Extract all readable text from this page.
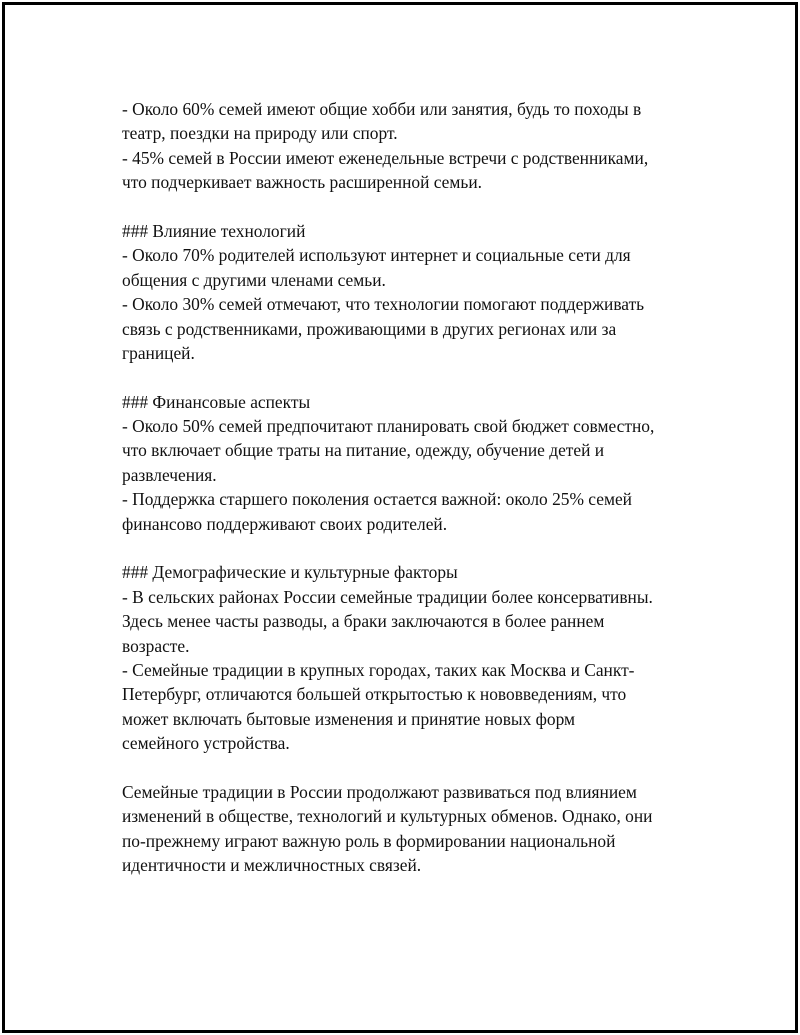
- Около 60% семей имеют общие хобби или занятия, будь то походы в
театр, поездки на природу или спорт.
- 45% семей в России имеют еженедельные встречи с родственниками,
что подчеркивает важность расширенной семьи.
### Влияние технологий
- Около 70% родителей используют интернет и социальные сети для
общения с другими членами семьи.
- Около 30% семей отмечают, что технологии помогают поддерживать
связь с родственниками, проживающими в других регионах или за
границей.
### Финансовые аспекты
- Около 50% семей предпочитают планировать свой бюджет совместно,
что включает общие траты на питание, одежду, обучение детей и
развлечения.
- Поддержка старшего поколения остается важной: около 25% семей
финансово поддерживают своих родителей.
### Демографические и культурные факторы
- В сельских районах России семейные традиции более консервативны.
Здесь менее часты разводы, а браки заключаются в более раннем
возрасте.
- Семейные традиции в крупных городах, таких как Москва и Санкт-
Петербург, отличаются большей открытостью к нововведениям, что
может включать бытовые изменения и принятие новых форм
семейного устройства.
Семейные традиции в России продолжают развиваться под влиянием
изменений в обществе, технологий и культурных обменов. Однако, они
по-прежнему играют важную роль в формировании национальной
идентичности и межличностных связей.
